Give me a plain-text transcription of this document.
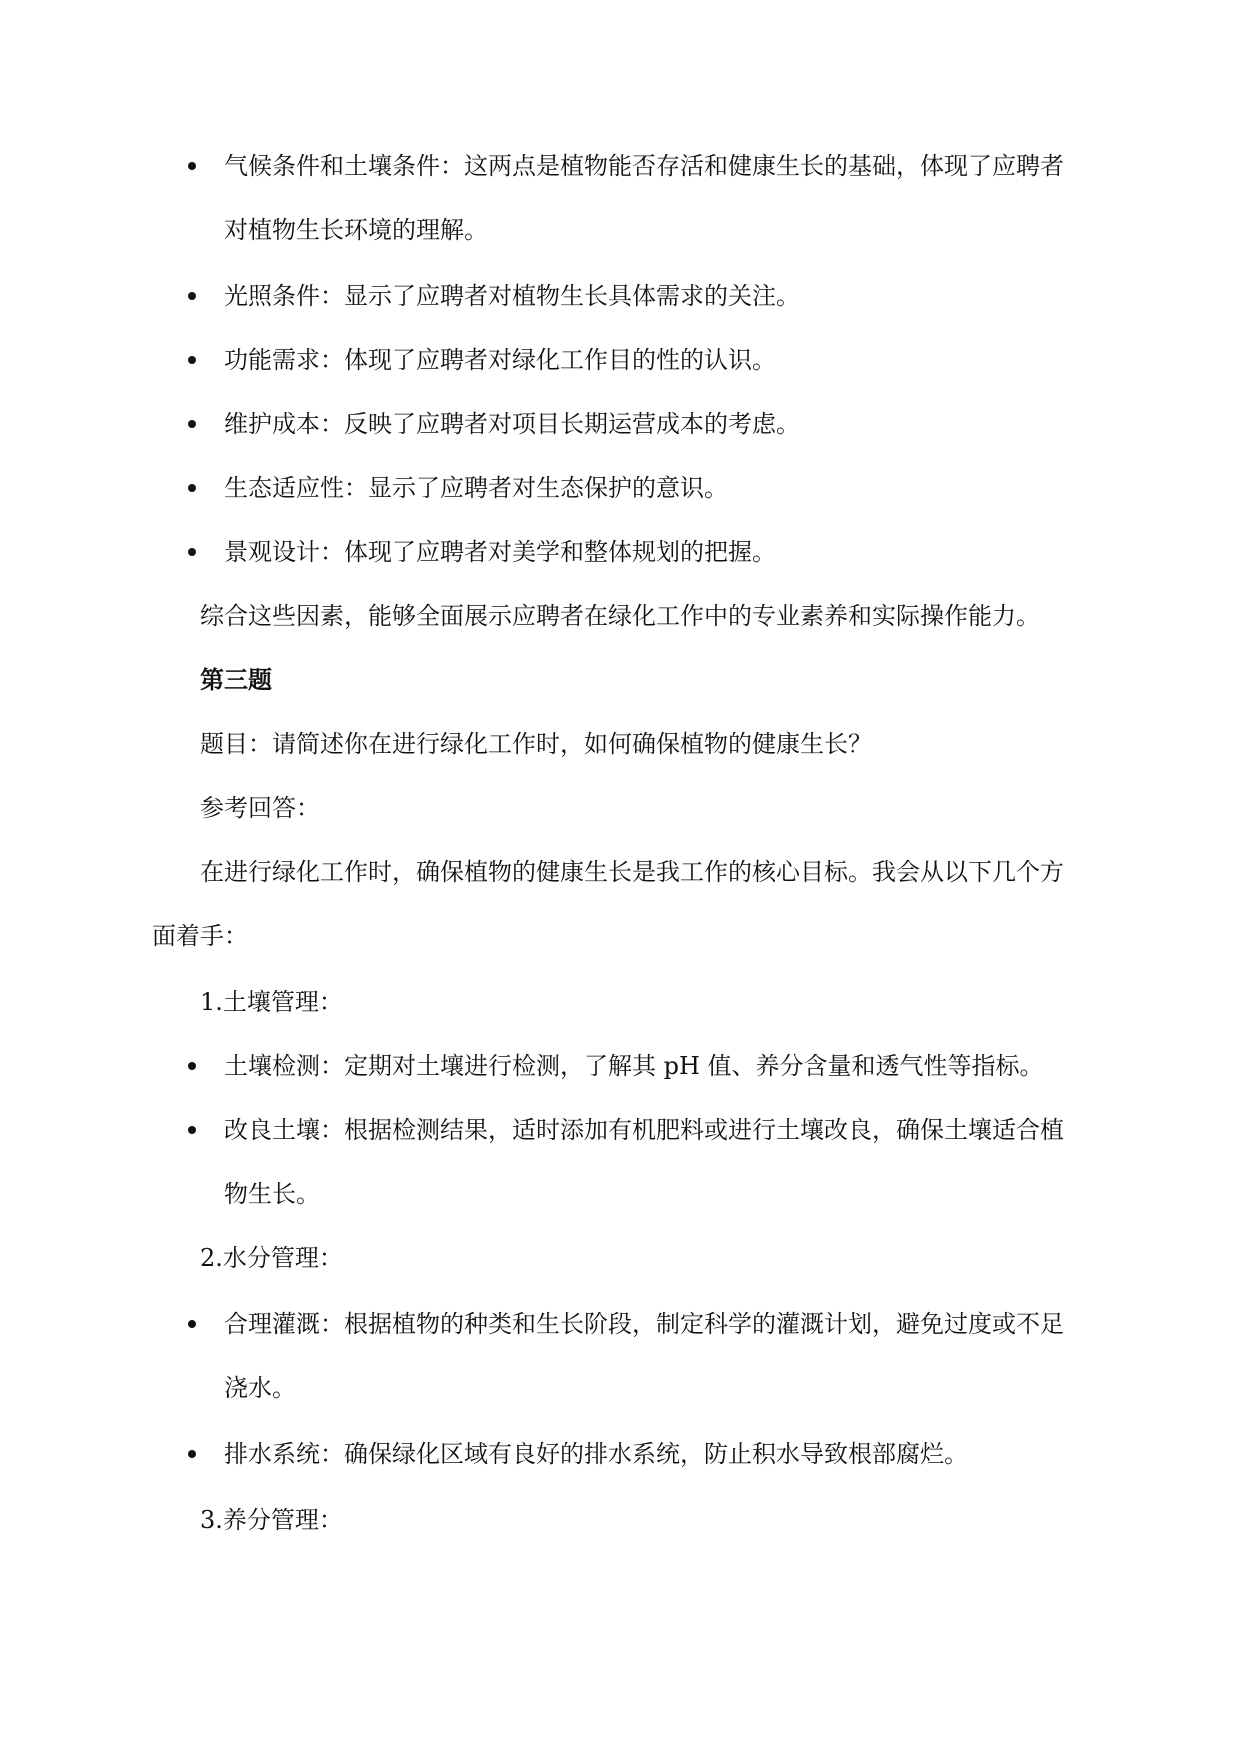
气候条件和土壤条件：这两点是植物能否存活和健康生长的基础，体现了应聘者
对植物生长环境的理解。
光照条件：显示了应聘者对植物生长具体需求的关注。
功能需求：体现了应聘者对绿化工作目的性的认识。
维护成本：反映了应聘者对项目长期运营成本的考虑。
生态适应性：显示了应聘者对生态保护的意识。
景观设计：体现了应聘者对美学和整体规划的把握。
综合这些因素，能够全面展示应聘者在绿化工作中的专业素养和实际操作能力。
第三题
题目：请简述你在进行绿化工作时，如何确保植物的健康生长？
参考回答：
在进行绿化工作时，确保植物的健康生长是我工作的核心目标。我会从以下几个方
面着手：
1.土壤管理：
土壤检测：定期对土壤进行检测，了解其 pH 值、养分含量和透气性等指标。
改良土壤：根据检测结果，适时添加有机肥料或进行土壤改良，确保土壤适合植
物生长。
2.水分管理：
合理灌溉：根据植物的种类和生长阶段，制定科学的灌溉计划，避免过度或不足
浇水。
排水系统：确保绿化区域有良好的排水系统，防止积水导致根部腐烂。
3.养分管理：
